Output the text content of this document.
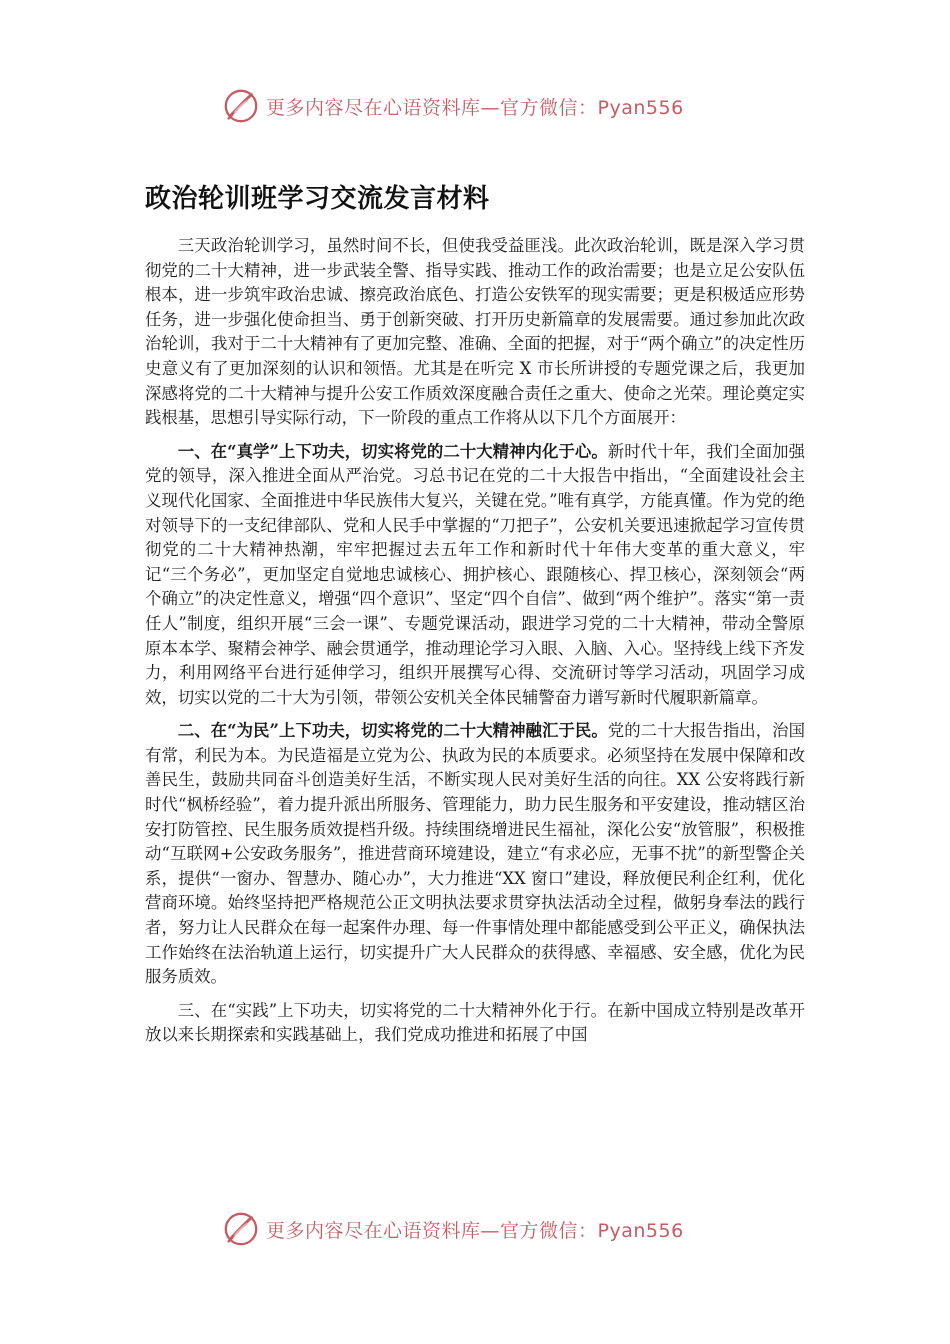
更多内容尽在心语资料库—官方微信：Pyan556
政治轮训班学习交流发言材料

三天政治轮训学习，虽然时间不长，但使我受益匪浅。此次政治轮训，既是深入学习贯彻党的二十大精神，进一步武装全警、指导实践、推动工作的政治需要；也是立足公安队伍根本，进一步筑牢政治忠诚、擦亮政治底色、打造公安铁军的现实需要；更是积极适应形势任务，进一步强化使命担当、勇于创新突破、打开历史新篇章的发展需要。通过参加此次政治轮训，我对于二十大精神有了更加完整、准确、全面的把握，对于“两个确立”的决定性历史意义有了更加深刻的认识和领悟。尤其是在听完 X 市长所讲授的专题党课之后，我更加深感将党的二十大精神与提升公安工作质效深度融合责任之重大、使命之光荣。理论奠定实践根基，思想引导实际行动，下一阶段的重点工作将从以下几个方面展开：

一、在“真学”上下功夫，切实将党的二十大精神内化于心。新时代十年，我们全面加强党的领导，深入推进全面从严治党。习总书记在党的二十大报告中指出，“全面建设社会主义现代化国家、全面推进中华民族伟大复兴，关键在党。”唯有真学，方能真懂。作为党的绝对领导下的一支纪律部队、党和人民手中掌握的“刀把子”，公安机关要迅速掀起学习宣传贯彻党的二十大精神热潮，牢牢把握过去五年工作和新时代十年伟大变革的重大意义，牢记“三个务必”，更加坚定自觉地忠诚核心、拥护核心、跟随核心、捍卫核心，深刻领会“两个确立”的决定性意义，增强“四个意识”、坚定“四个自信”、做到“两个维护”。落实“第一责任人”制度，组织开展“三会一课”、专题党课活动，跟进学习党的二十大精神，带动全警原原本本学、聚精会神学、融会贯通学，推动理论学习入眼、入脑、入心。坚持线上线下齐发力，利用网络平台进行延伸学习，组织开展撰写心得、交流研讨等学习活动，巩固学习成效，切实以党的二十大为引领，带领公安机关全体民辅警奋力谱写新时代履职新篇章。

二、在“为民”上下功夫，切实将党的二十大精神融汇于民。党的二十大报告指出，治国有常，利民为本。为民造福是立党为公、执政为民的本质要求。必须坚持在发展中保障和改善民生，鼓励共同奋斗创造美好生活，不断实现人民对美好生活的向往。XX 公安将践行新时代“枫桥经验”，着力提升派出所服务、管理能力，助力民生服务和平安建设，推动辖区治安打防管控、民生服务质效提档升级。持续围绕增进民生福祉，深化公安“放管服”，积极推动“互联网+公安政务服务”，推进营商环境建设，建立“有求必应，无事不扰”的新型警企关系，提供“一窗办、智慧办、随心办”，大力推进“XX 窗口”建设，释放便民利企红利，优化营商环境。始终坚持把严格规范公正文明执法要求贯穿执法活动全过程，做躬身奉法的践行者，努力让人民群众在每一起案件办理、每一件事情处理中都能感受到公平正义，确保执法工作始终在法治轨道上运行，切实提升广大人民群众的获得感、幸福感、安全感，优化为民服务质效。

三、在“实践”上下功夫，切实将党的二十大精神外化于行。在新中国成立特别是改革开放以来长期探索和实践基础上，我们党成功推进和拓展了中国

更多内容尽在心语资料库—官方微信：Pyan556
